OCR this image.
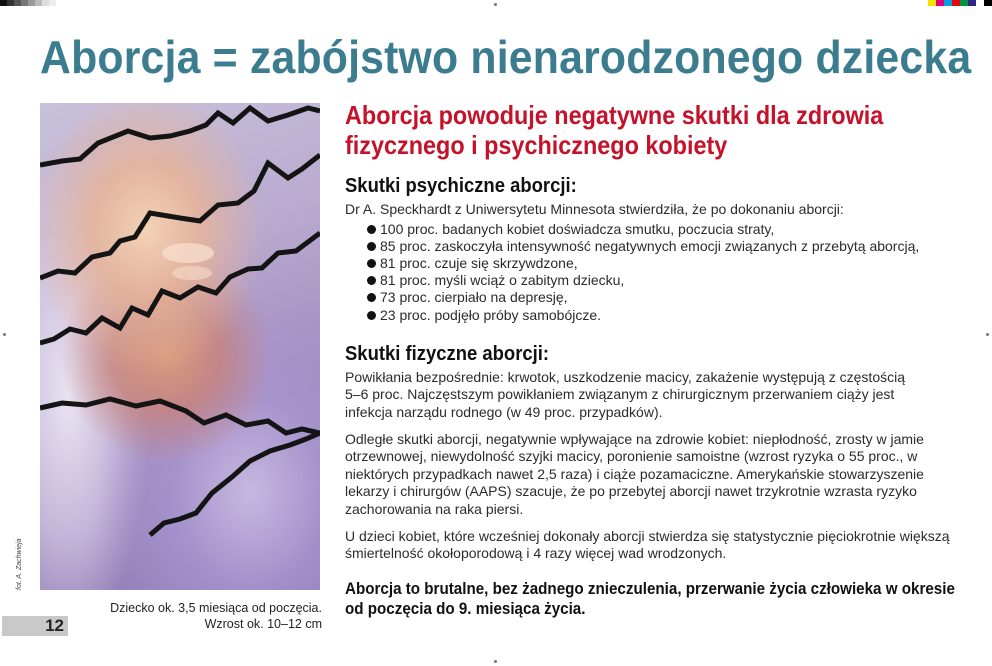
Aborcja = zabójstwo nienarodzonego dziecka
fot. A. Zachwieja
Dziecko ok. 3,5 miesiąca od poczęcia.
Wzrost ok. 10–12 cm
12
Aborcja powoduje negatywne skutki dla zdrowia fizycznego i psychicznego kobiety
Skutki psychiczne aborcji:

Dr A. Speckhardt z Uniwersytetu Minnesota stwierdziła, że po dokonaniu aborcji:

100 proc. badanych kobiet doświadcza smutku, poczucia straty,
85 proc. zaskoczyła intensywność negatywnych emocji związanych z przebytą aborcją,
81 proc. czuje się skrzywdzone,
81 proc. myśli wciąż o zabitym dziecku,
73 proc. cierpiało na depresję,
23 proc. podjęło próby samobójcze.
Skutki fizyczne aborcji:

Powikłania bezpośrednie: krwotok, uszkodzenie macicy, zakażenie występują z częstością 5–6 proc. Najczęstszym powikłaniem związanym z chirurgicznym przerwaniem ciąży jest infekcja narządu rodnego (w 49 proc. przypadków).

Odległe skutki aborcji, negatywnie wpływające na zdrowie kobiet: niepłodność, zrosty w jamie otrzewnowej, niewydolność szyjki macicy, poronienie samoistne (wzrost ryzyka o 55 proc., w niektórych przypadkach nawet 2,5 raza) i ciąże pozamaciczne. Amerykańskie stowarzyszenie lekarzy i chirurgów (AAPS) szacuje, że po przebytej aborcji nawet trzykrotnie wzrasta ryzyko zachorowania na raka piersi.

U dzieci kobiet, które wcześniej dokonały aborcji stwierdza się statystycznie pięciokrotnie większą śmiertelność okołoporodową i 4 razy więcej wad wrodzonych.

Aborcja to brutalne, bez żadnego znieczulenia, przerwanie życia człowieka w okresie od poczęcia do 9. miesiąca życia.
